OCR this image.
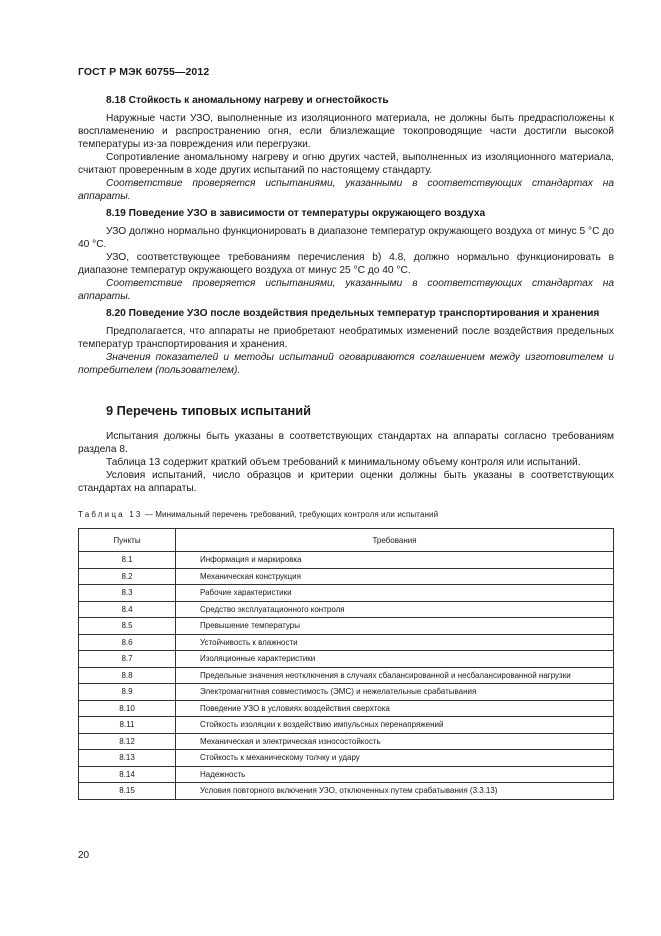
ГОСТ Р МЭК 60755—2012
8.18 Стойкость к аномальному нагреву и огнестойкость

Наружные части УЗО, выполненные из изоляционного материала, не должны быть предрасположены к воспламенению и распространению огня, если близлежащие токопроводящие части достигли высокой температуры из-за повреждения или перегрузки.

Сопротивление аномальному нагреву и огню других частей, выполненных из изоляционного материала, считают проверенным в ходе других испытаний по настоящему стандарту.

Соответствие проверяется испытаниями, указанными в соответствующих стандартах на аппараты.

8.19 Поведение УЗО в зависимости от температуры окружающего воздуха

УЗО должно нормально функционировать в диапазоне температур окружающего воздуха от минус 5 °С до 40 °С.

УЗО, соответствующее требованиям перечисления b) 4.8, должно нормально функционировать в диапазоне температур окружающего воздуха от минус 25 °С до 40 °С.

Соответствие проверяется испытаниями, указанными в соответствующих стандартах на аппараты.

8.20 Поведение УЗО после воздействия предельных температур транспортирования и хранения

Предполагается, что аппараты не приобретают необратимых изменений после воздействия предельных температур транспортирования и хранения.

Значения показателей и методы испытаний оговариваются соглашением между изготовителем и потребителем (пользователем).

9 Перечень типовых испытаний

Испытания должны быть указаны в соответствующих стандартах на аппараты согласно требованиям раздела 8.

Таблица 13 содержит краткий объем требований к минимальному объему контроля или испытаний.

Условия испытаний, число образцов и критерии оценки должны быть указаны в соответствующих стандартах на аппараты.

Таблица 13 — Минимальный перечень требований, требующих контроля или испытаний
Пункты	Требования
8.1	Информация и маркировка
8.2	Механическая конструкция
8.3	Рабочие характеристики
8.4	Средство эксплуатационного контроля
8.5	Превышение температуры
8.6	Устойчивость к влажности
8.7	Изоляционные характеристики
8.8	Предельные значения неотключения в случаях сбалансированной и несбалансированной нагрузки
8.9	Электромагнитная совместимость (ЭМС) и нежелательные срабатывания
8.10	Поведение УЗО в условиях воздействия сверхтока
8.11	Стойкость изоляции к воздействию импульсных перенапряжений
8.12	Механическая и электрическая износостойкость
8.13	Стойкость к механическому толчку и удару
8.14	Надежность
8.15	Условия повторного включения УЗО, отключенных путем срабатывания (3.3.13)
20
